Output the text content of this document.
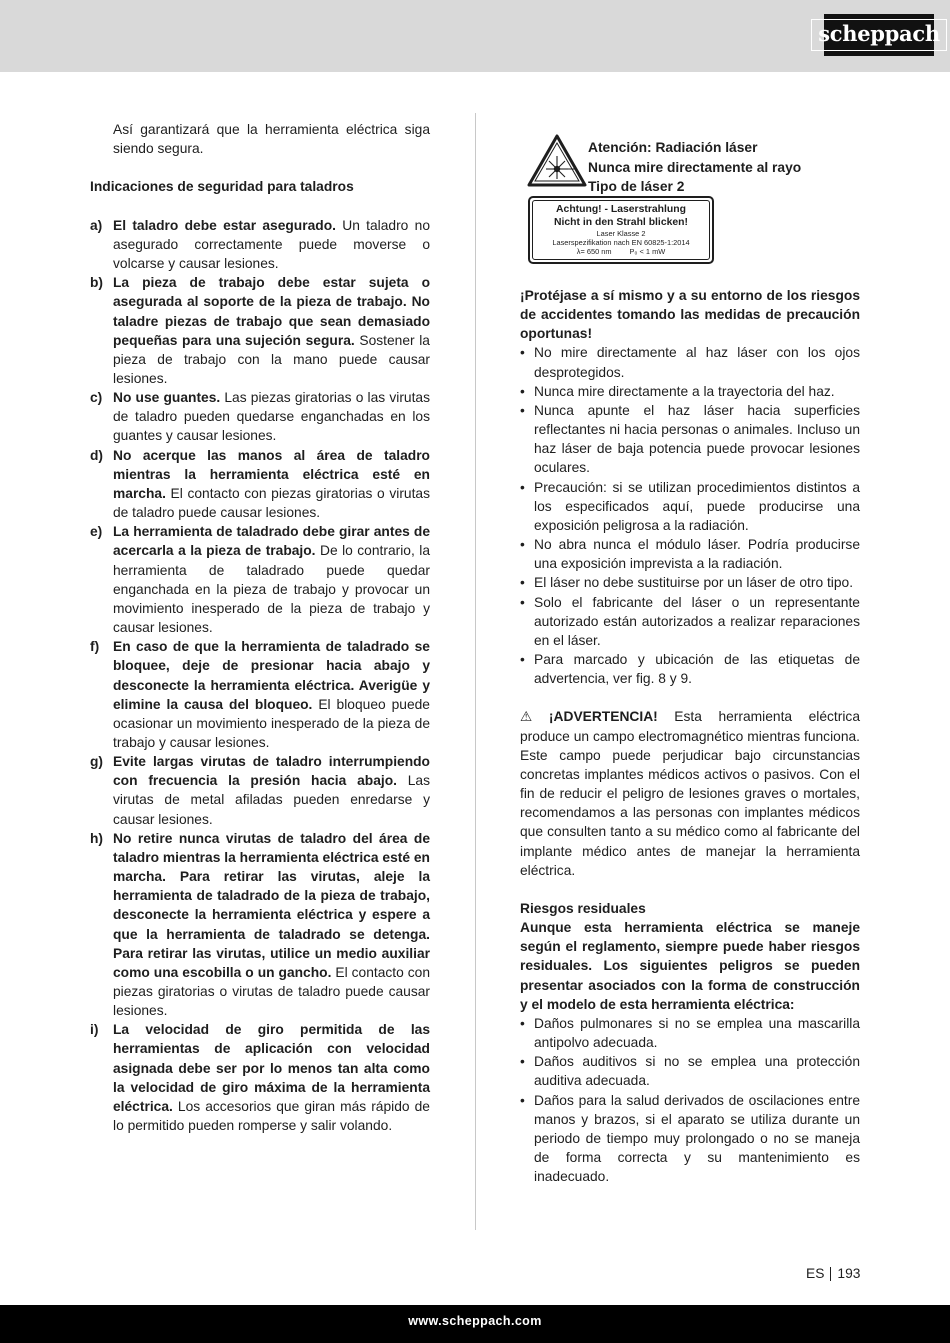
scheppach

Así garantizará que la herramienta eléctrica siga siendo segura.

Indicaciones de seguridad para taladros

a) El taladro debe estar asegurado. Un taladro no asegurado correctamente puede moverse o volcarse y causar lesiones.
b) La pieza de trabajo debe estar sujeta o asegurada al soporte de la pieza de trabajo. No taladre piezas de trabajo que sean demasiado pequeñas para una sujeción segura. Sostener la pieza de trabajo con la mano puede causar lesiones.
c) No use guantes. Las piezas giratorias o las virutas de taladro pueden quedarse enganchadas en los guantes y causar lesiones.
d) No acerque las manos al área de taladro mientras la herramienta eléctrica esté en marcha. El contacto con piezas giratorias o virutas de taladro puede causar lesiones.
e) La herramienta de taladrado debe girar antes de acercarla a la pieza de trabajo. De lo contrario, la herramienta de taladrado puede quedar enganchada en la pieza de trabajo y provocar un movimiento inesperado de la pieza de trabajo y causar lesiones.
f) En caso de que la herramienta de taladrado se bloquee, deje de presionar hacia abajo y desconecte la herramienta eléctrica. Averigüe y elimine la causa del bloqueo. El bloqueo puede ocasionar un movimiento inesperado de la pieza de trabajo y causar lesiones.
g) Evite largas virutas de taladro interrumpiendo con frecuencia la presión hacia abajo. Las virutas de metal afiladas pueden enredarse y causar lesiones.
h) No retire nunca virutas de taladro del área de taladro mientras la herramienta eléctrica esté en marcha. Para retirar las virutas, aleje la herramienta de taladrado de la pieza de trabajo, desconecte la herramienta eléctrica y espere a que la herramienta de taladrado se detenga. Para retirar las virutas, utilice un medio auxiliar como una escobilla o un gancho. El contacto con piezas giratorias o virutas de taladro puede causar lesiones.
i)	La velocidad de giro permitida de las herramientas de aplicación con velocidad asignada debe ser por lo menos tan alta como la velocidad de giro máxima de la herramienta eléctrica. Los accesorios que giran más rápido de lo permitido pueden romperse y salir volando.
Atención: Radiación láser
Nunca mire directamente al rayo
Tipo de láser 2
Achtung! - Laserstrahlung
Nicht in den Strahl blicken!
Laser Klasse 2
Laserspezifikation nach EN 60825-1:2014
λ= 650 nm P₀ < 1 mW

¡Protéjase a sí mismo y a su entorno de los riesgos de accidentes tomando las medidas de precaución oportunas!

• No mire directamente al haz láser con los ojos desprotegidos.
• Nunca mire directamente a la trayectoria del haz.
• Nunca apunte el haz láser hacia superficies reflectantes ni hacia personas o animales. Incluso un haz láser de baja potencia puede provocar lesiones oculares.
• Precaución: si se utilizan procedimientos distintos a los especificados aquí, puede producirse una exposición peligrosa a la radiación.
• No abra nunca el módulo láser. Podría producirse una exposición imprevista a la radiación.
• El láser no debe sustituirse por un láser de otro tipo.
• Solo el fabricante del láser o un representante autorizado están autorizados a realizar reparaciones en el láser.
• Para marcado y ubicación de las etiquetas de advertencia, ver fig. 8 y 9.

⚠ ¡ADVERTENCIA! Esta herramienta eléctrica produce un campo electromagnético mientras funciona. Este campo puede perjudicar bajo circunstancias concretas implantes médicos activos o pasivos. Con el fin de reducir el peligro de lesiones graves o mortales, recomendamos a las personas con implantes médicos que consulten tanto a su médico como al fabricante del implante médico antes de manejar la herramienta eléctrica.

Riesgos residuales

Aunque esta herramienta eléctrica se maneje según el reglamento, siempre puede haber riesgos residuales. Los siguientes peligros se pueden presentar asociados con la forma de construcción y el modelo de esta herramienta eléctrica:

• Daños pulmonares si no se emplea una mascarilla antipolvo adecuada.
• Daños auditivos si no se emplea una protección auditiva adecuada.
• Daños para la salud derivados de oscilaciones entre manos y brazos, si el aparato se utiliza durante un periodo de tiempo muy prolongado o no se maneja de forma correcta y su mantenimiento es inadecuado.
ES 193
www.scheppach.com
